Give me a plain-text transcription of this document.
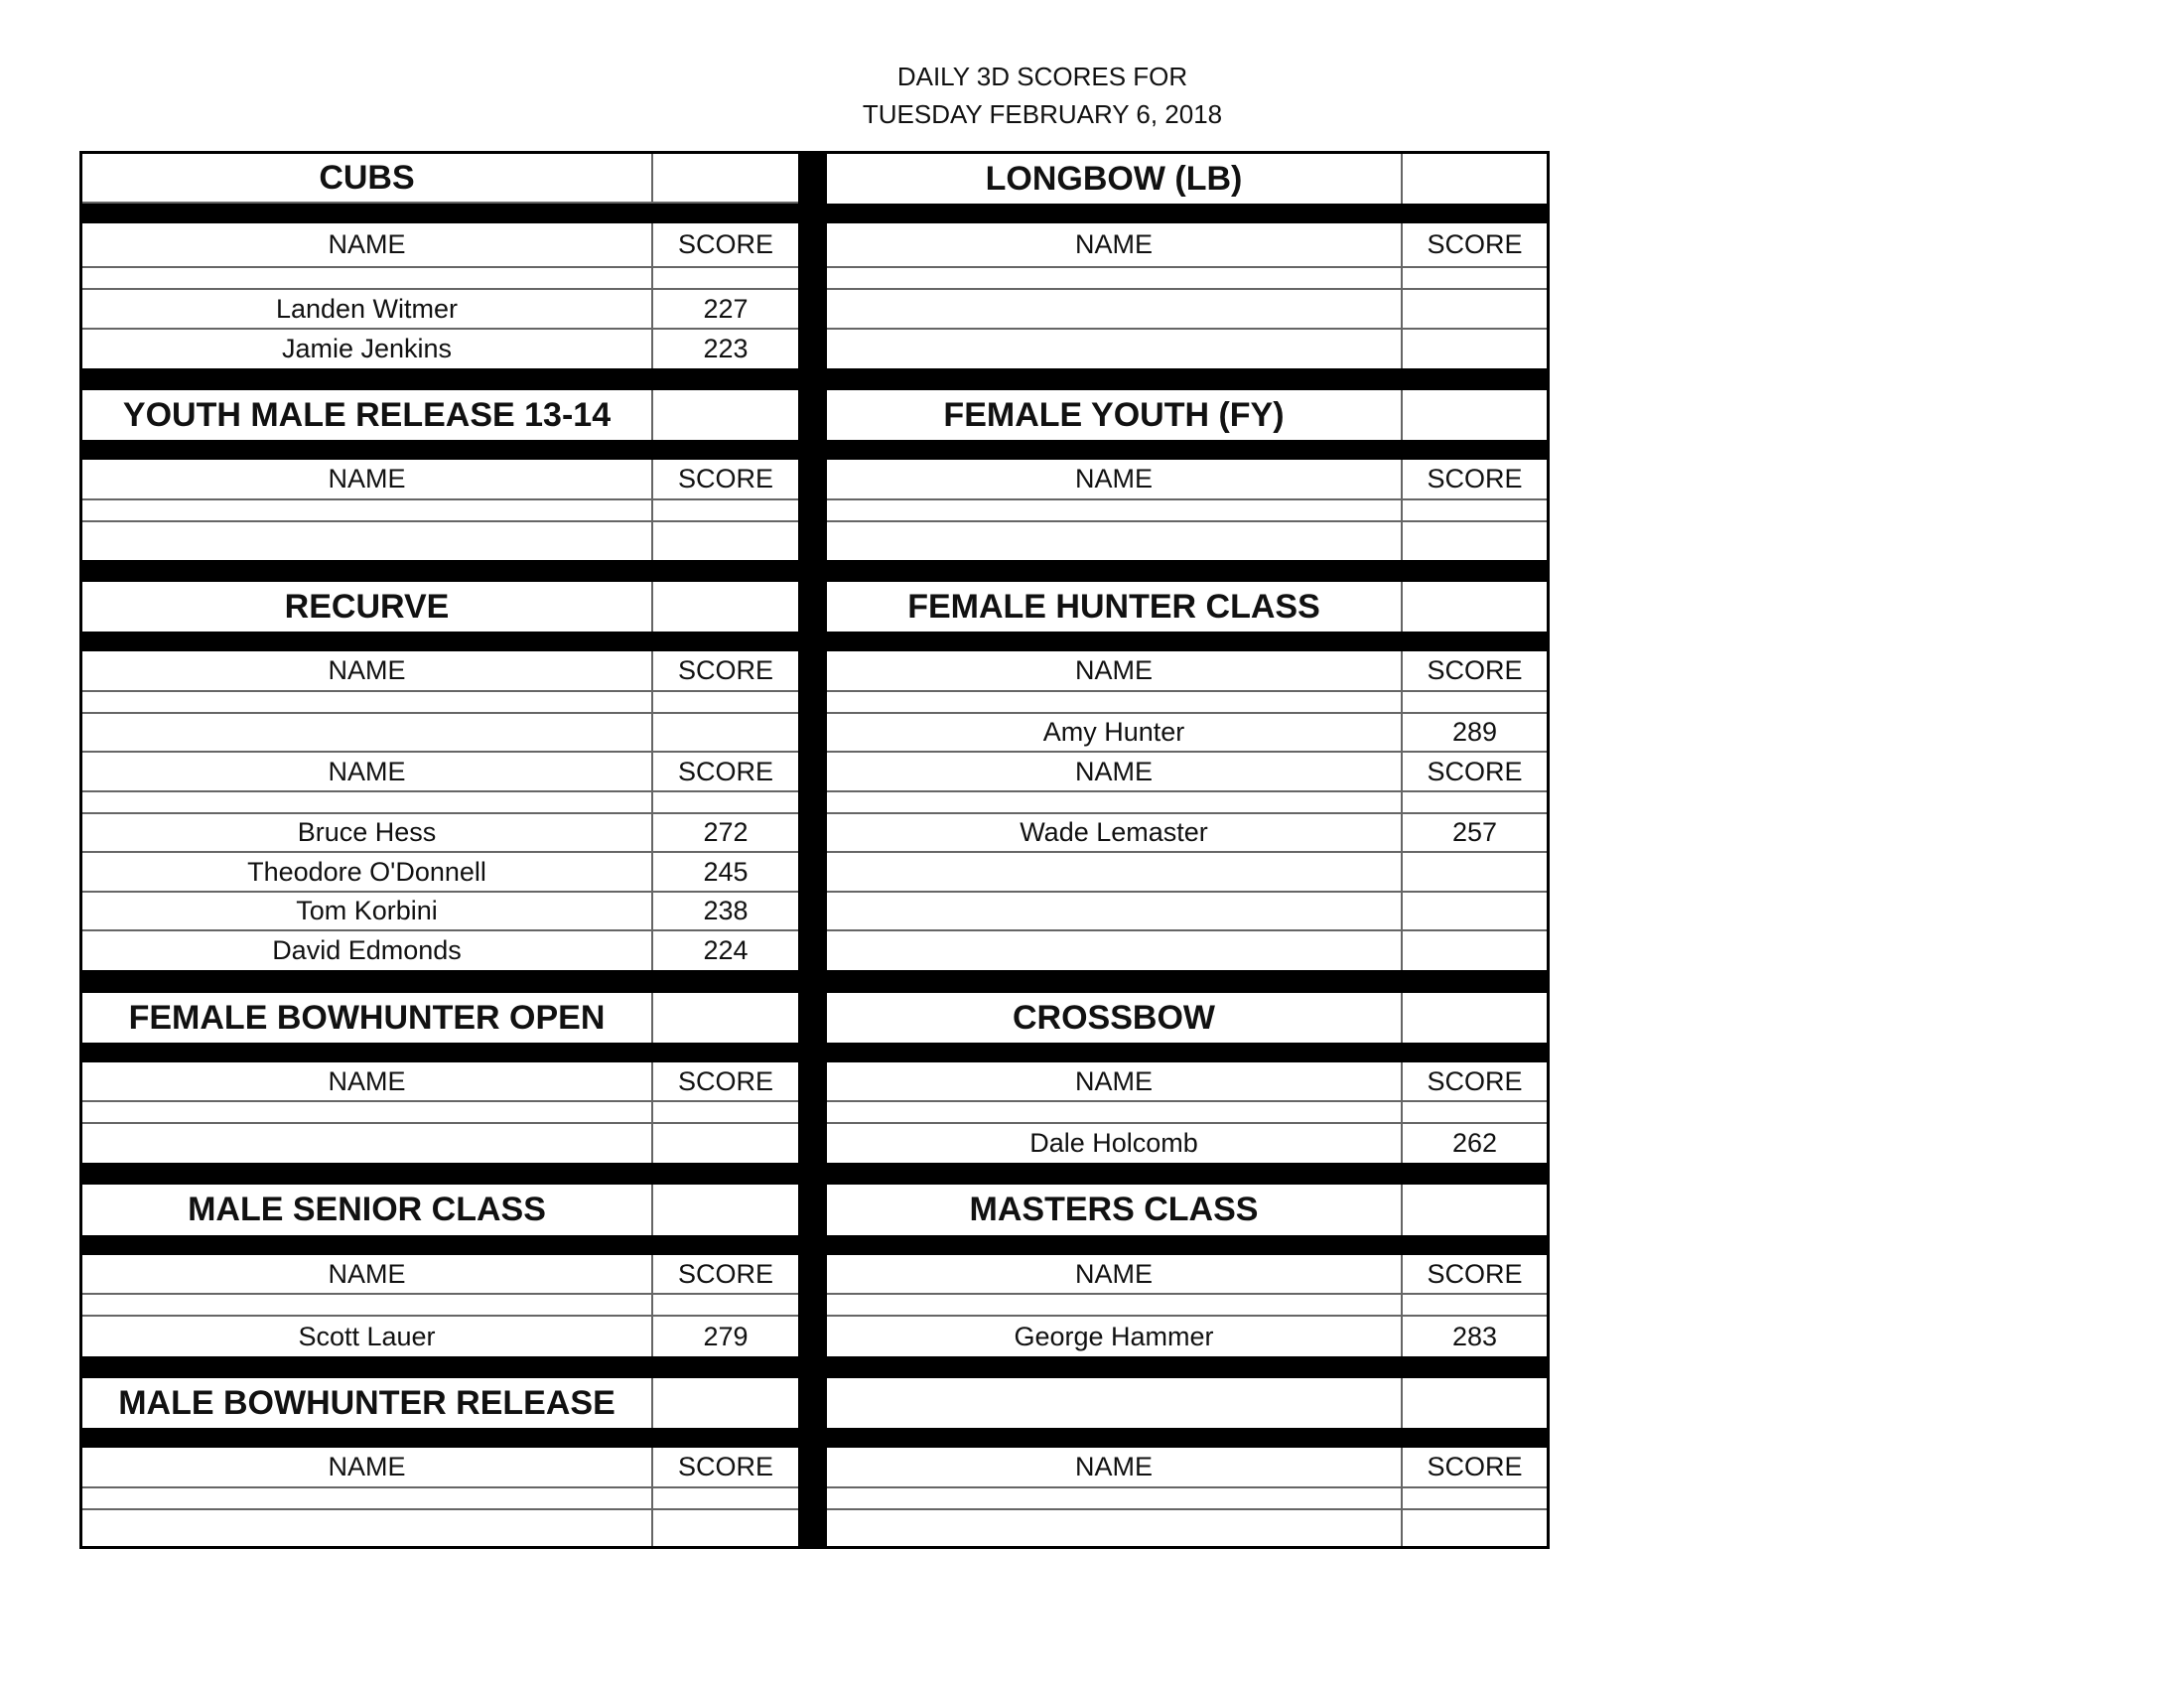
DAILY 3D SCORES FOR
TUESDAY FEBRUARY 6, 2018
CUBS
NAME	SCORE
Landen Witmer	227
Jamie Jenkins	223
YOUTH MALE RELEASE 13-14
NAME	SCORE
RECURVE
NAME	SCORE
NAME	SCORE
Bruce Hess	272
Theodore O'Donnell	245
Tom Korbini	238
David Edmonds	224
FEMALE BOWHUNTER OPEN
NAME	SCORE
MALE SENIOR CLASS
NAME	SCORE
Scott Lauer	279
MALE BOWHUNTER RELEASE
NAME	SCORE
LONGBOW (LB)
NAME	SCORE
FEMALE YOUTH (FY)
NAME	SCORE
FEMALE HUNTER CLASS
NAME	SCORE
Amy Hunter	289
NAME	SCORE
Wade Lemaster	257
CROSSBOW
NAME	SCORE
Dale Holcomb	262
MASTERS CLASS
NAME	SCORE
George Hammer	283
NAME	SCORE
